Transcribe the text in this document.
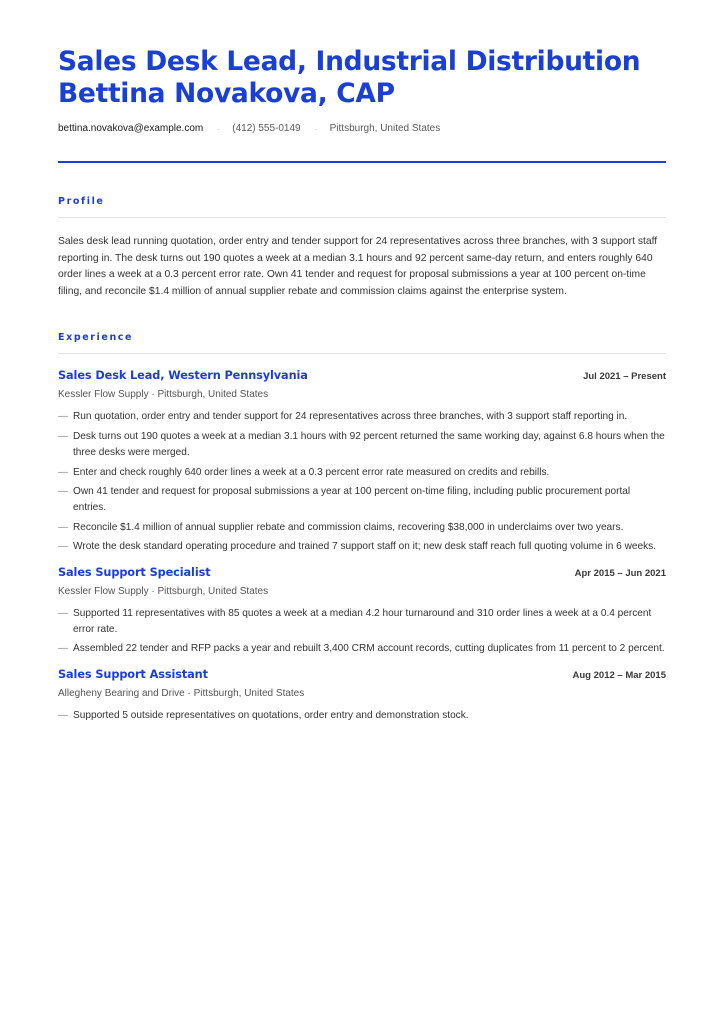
Sales Desk Lead, Industrial Distribution
Bettina Novakova, CAP
bettina.novakova@example.com · (412) 555-0149 · Pittsburgh, United States
Profile

Sales desk lead running quotation, order entry and tender support for 24 representatives across three branches, with 3 support staff reporting in. The desk turns out 190 quotes a week at a median 3.1 hours and 92 percent same-day return, and enters roughly 640 order lines a week at a 0.3 percent error rate. Own 41 tender and request for proposal submissions a year at 100 percent on-time filing, and reconcile $1.4 million of annual supplier rebate and commission claims against the enterprise system.

Experience
Sales Desk Lead, Western Pennsylvania	Jul 2021 – Present
Kessler Flow Supply · Pittsburgh, United States
— Run quotation, order entry and tender support for 24 representatives across three branches, with 3 support staff reporting in.
— Desk turns out 190 quotes a week at a median 3.1 hours with 92 percent returned the same working day, against 6.8 hours when the three desks were merged.
— Enter and check roughly 640 order lines a week at a 0.3 percent error rate measured on credits and rebills.
— Own 41 tender and request for proposal submissions a year at 100 percent on-time filing, including public procurement portal entries.
— Reconcile $1.4 million of annual supplier rebate and commission claims, recovering $38,000 in underclaims over two years.
— Wrote the desk standard operating procedure and trained 7 support staff on it; new desk staff reach full quoting volume in 6 weeks.
Sales Support Specialist	Apr 2015 – Jun 2021
Kessler Flow Supply · Pittsburgh, United States
— Supported 11 representatives with 85 quotes a week at a median 4.2 hour turnaround and 310 order lines a week at a 0.4 percent error rate.
— Assembled 22 tender and RFP packs a year and rebuilt 3,400 CRM account records, cutting duplicates from 11 percent to 2 percent.
Sales Support Assistant	Aug 2012 – Mar 2015
Allegheny Bearing and Drive · Pittsburgh, United States
— Supported 5 outside representatives on quotations, order entry and demonstration stock.
